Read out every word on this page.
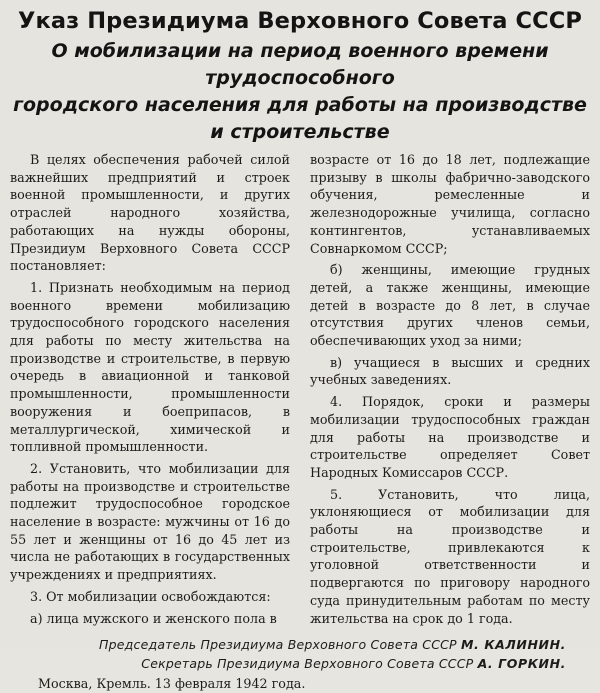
Указ Президиума Верховного Совета СССР
О мобилизации на период военного времени трудоспособного
городского населения для работы на производстве и строительстве

В целях обеспечения рабочей силой важнейших предприятий и строек военной промышленности, и других отраслей народного хозяйства, работающих на нужды обороны, Президиум Верховного Совета СССР постановляет:

1. Признать необходимым на период военного времени мобилизацию трудоспособного городского населения для работы по месту жительства на производстве и строительстве, в первую очередь в авиационной и танковой промышленности, промышленности вооружения и боеприпасов, в металлургической, химической и топливной промышленности.

2. Установить, что мобилизации для работы на производстве и строительстве подлежит трудоспособное городское население в возрасте: мужчины от 16 до 55 лет и женщины от 16 до 45 лет из числа не работающих в государственных учреждениях и предприятиях.

3. От мобилизации освобождаются:

а) лица мужского и женского пола в

возрасте от 16 до 18 лет, подлежащие призыву в школы фабрично-заводского обучения, ремесленные и железнодорожные училища, согласно контингентов, устанавливаемых Совнаркомом СССР;

б) женщины, имеющие грудных детей, а также женщины, имеющие детей в возрасте до 8 лет, в случае отсутствия других членов семьи, обеспечивающих уход за ними;

в) учащиеся в высших и средних учебных заведениях.

4. Порядок, сроки и размеры мобилизации трудоспособных граждан для работы на производстве и строительстве определяет Совет Народных Комиссаров СССР.

5. Установить, что лица, уклоняющиеся от мобилизации для работы на производстве и строительстве, привлекаются к уголовной ответственности и подвергаются по приговору народного суда принудительным работам по месту жительства на срок до 1 года.

Председатель Президиума Верховного Совета СССР М. КАЛИНИН.
Секретарь Президиума Верховного Совета СССР А. ГОРКИН.
Москва, Кремль. 13 февраля 1942 года.
